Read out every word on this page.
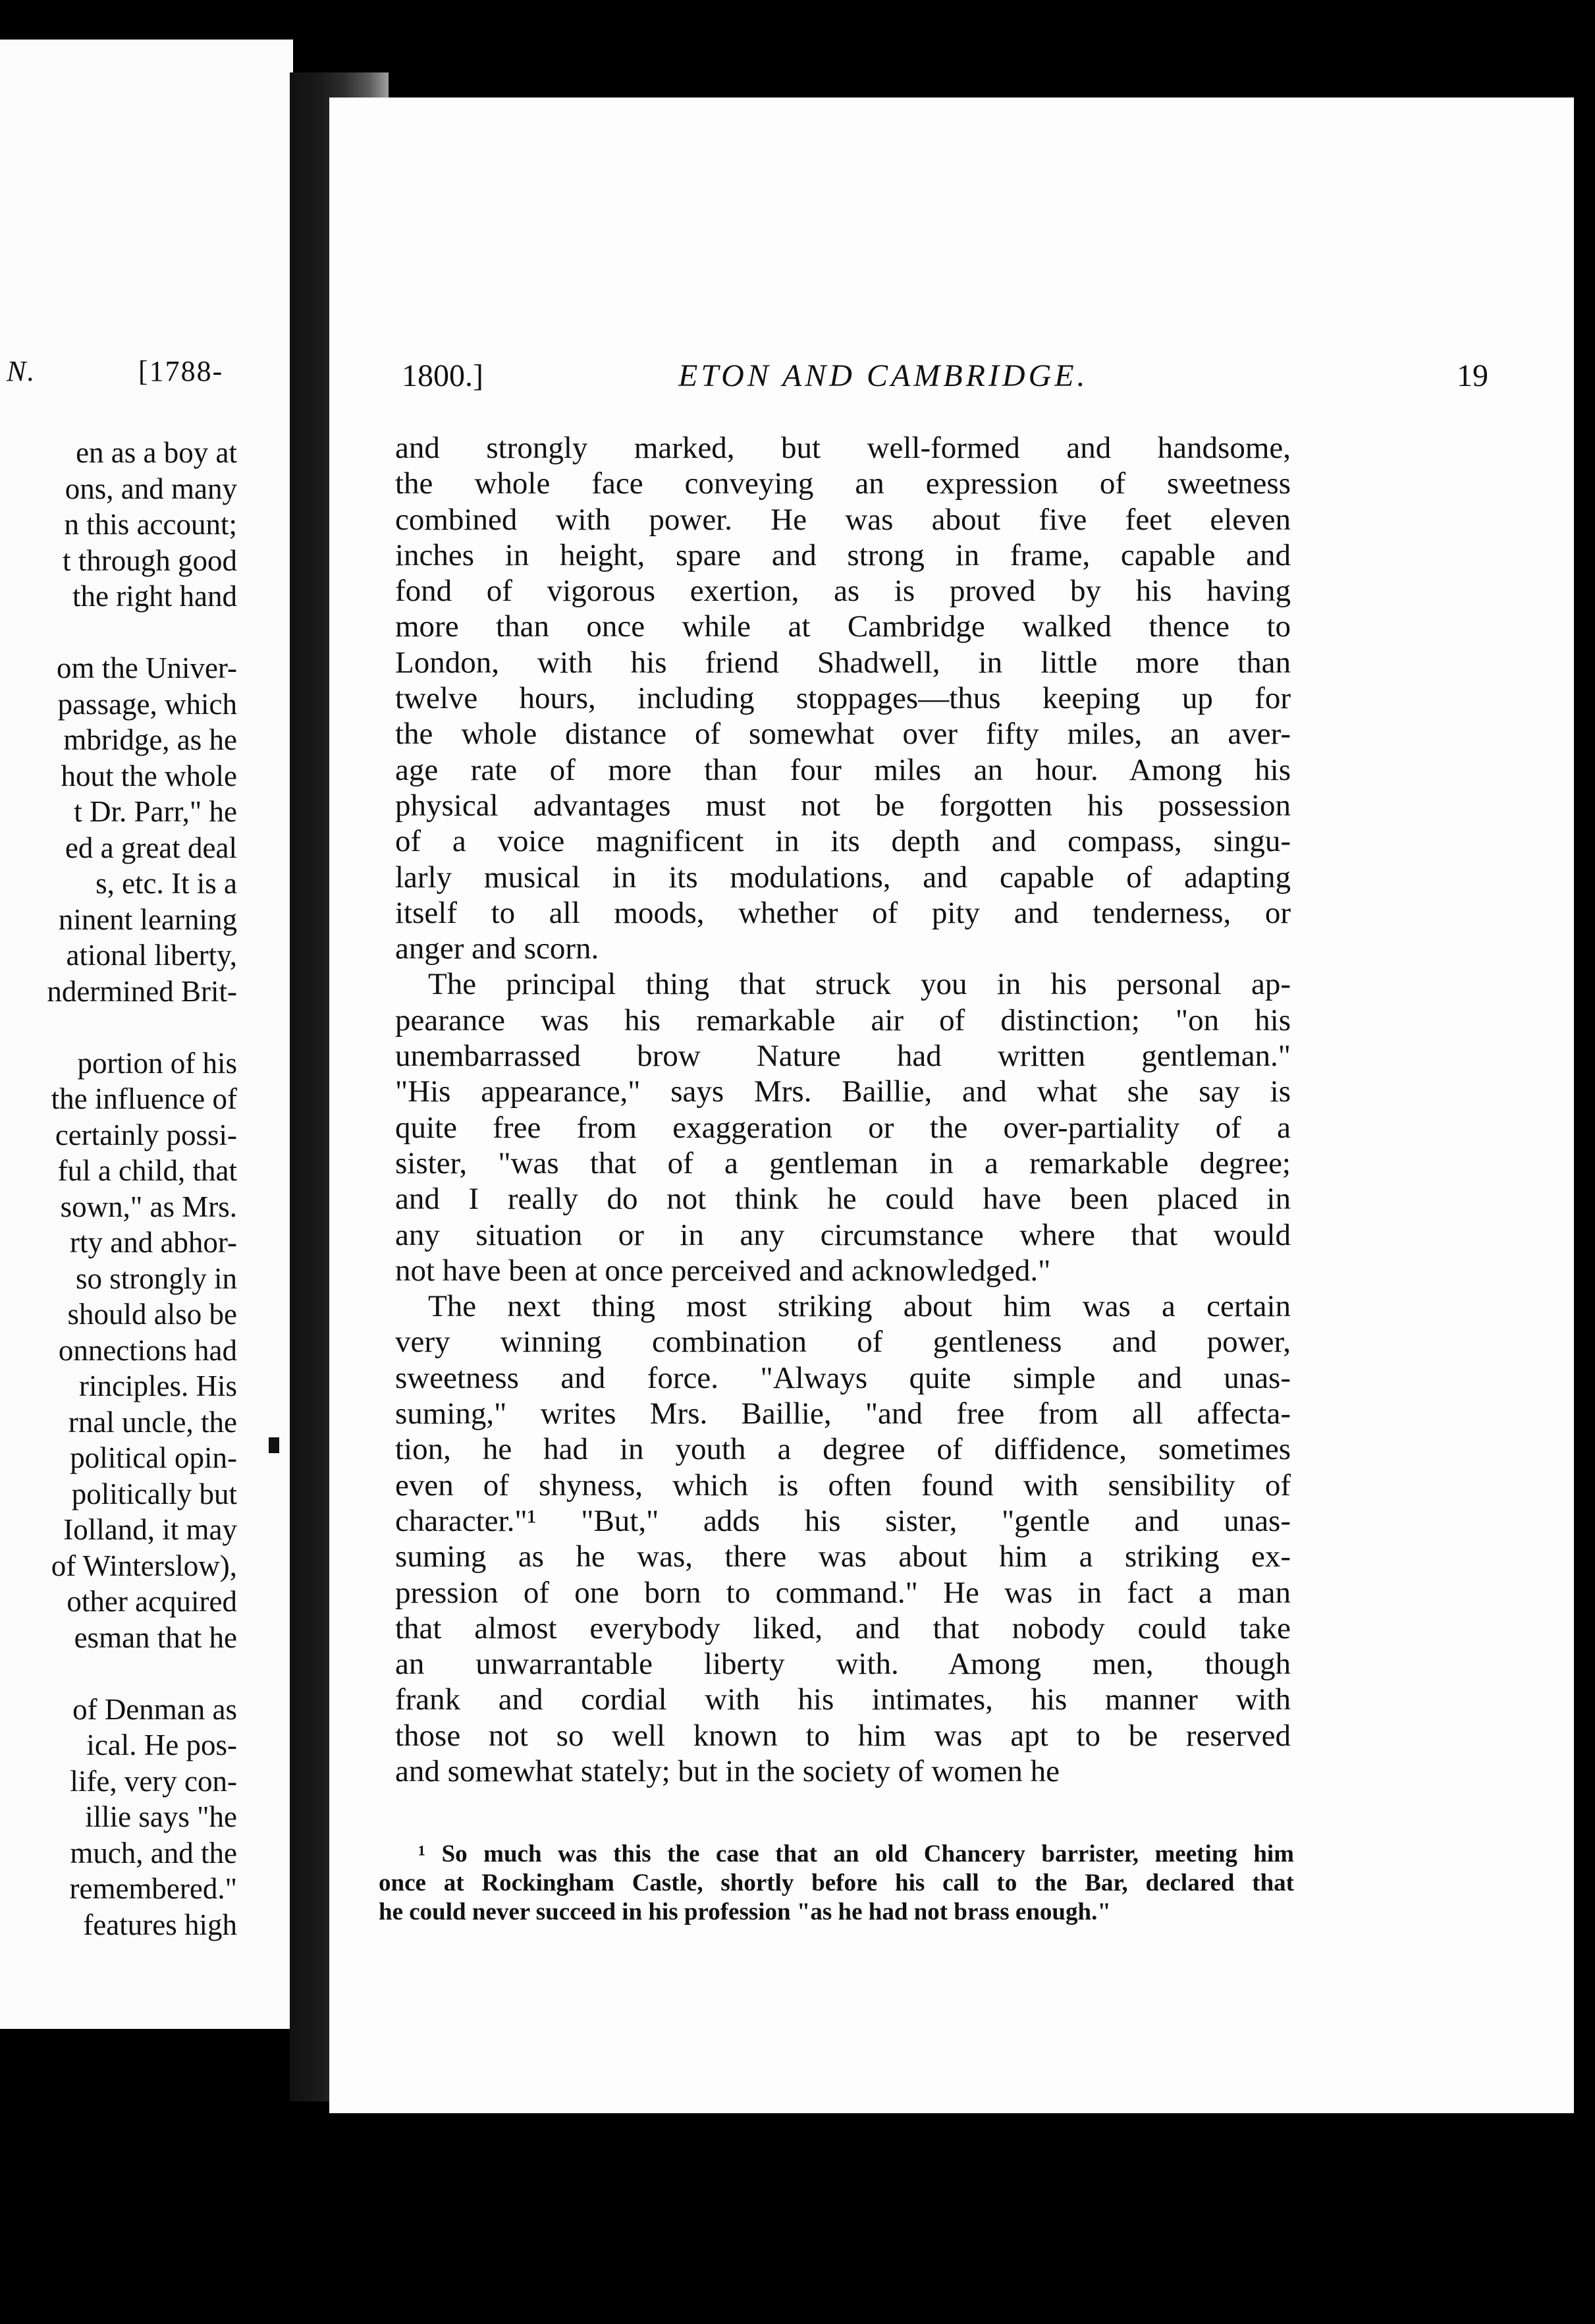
N.	[1788-
en as a boy at
ons, and many
n this account;
t through good
the right hand

om the Univer-
passage, which
mbridge, as he
hout the whole
t Dr. Parr," he
ed a great deal
s, etc. It is a
ninent learning
ational liberty,
ndermined Brit-

portion of his
the influence of
certainly possi-
ful a child, that
sown," as Mrs.
rty and abhor-
so strongly in
should also be
onnections had
rinciples. His
rnal uncle, the
political opin-
politically but
Iolland, it may
of Winterslow),
other acquired
esman that he

of Denman as
ical. He pos-
life, very con-
illie says "he
much, and the
remembered."
features high
1800.]	ETON AND CAMBRIDGE.	19
and strongly marked, but well-formed and handsome,
the whole face conveying an expression of sweetness
combined with power. He was about five feet eleven
inches in height, spare and strong in frame, capable and
fond of vigorous exertion, as is proved by his having
more than once while at Cambridge walked thence to
London, with his friend Shadwell, in little more than
twelve hours, including stoppages—thus keeping up for
the whole distance of somewhat over fifty miles, an aver-
age rate of more than four miles an hour. Among his
physical advantages must not be forgotten his possession
of a voice magnificent in its depth and compass, singu-
larly musical in its modulations, and capable of adapting
itself to all moods, whether of pity and tenderness, or
anger and scorn.
The principal thing that struck you in his personal ap-
pearance was his remarkable air of distinction; "on his
unembarrassed brow Nature had written gentleman."
"His appearance," says Mrs. Baillie, and what she say is
quite free from exaggeration or the over-partiality of a
sister, "was that of a gentleman in a remarkable degree;
and I really do not think he could have been placed in
any situation or in any circumstance where that would
not have been at once perceived and acknowledged."
The next thing most striking about him was a certain
very winning combination of gentleness and power,
sweetness and force. "Always quite simple and unas-
suming," writes Mrs. Baillie, "and free from all affecta-
tion, he had in youth a degree of diffidence, sometimes
even of shyness, which is often found with sensibility of
character."¹ "But," adds his sister, "gentle and unas-
suming as he was, there was about him a striking ex-
pression of one born to command." He was in fact a man
that almost everybody liked, and that nobody could take
an unwarrantable liberty with. Among men, though
frank and cordial with his intimates, his manner with
those not so well known to him was apt to be reserved
and somewhat stately; but in the society of women he
¹ So much was this the case that an old Chancery barrister, meeting him
once at Rockingham Castle, shortly before his call to the Bar, declared that
he could never succeed in his profession "as he had not brass enough."
